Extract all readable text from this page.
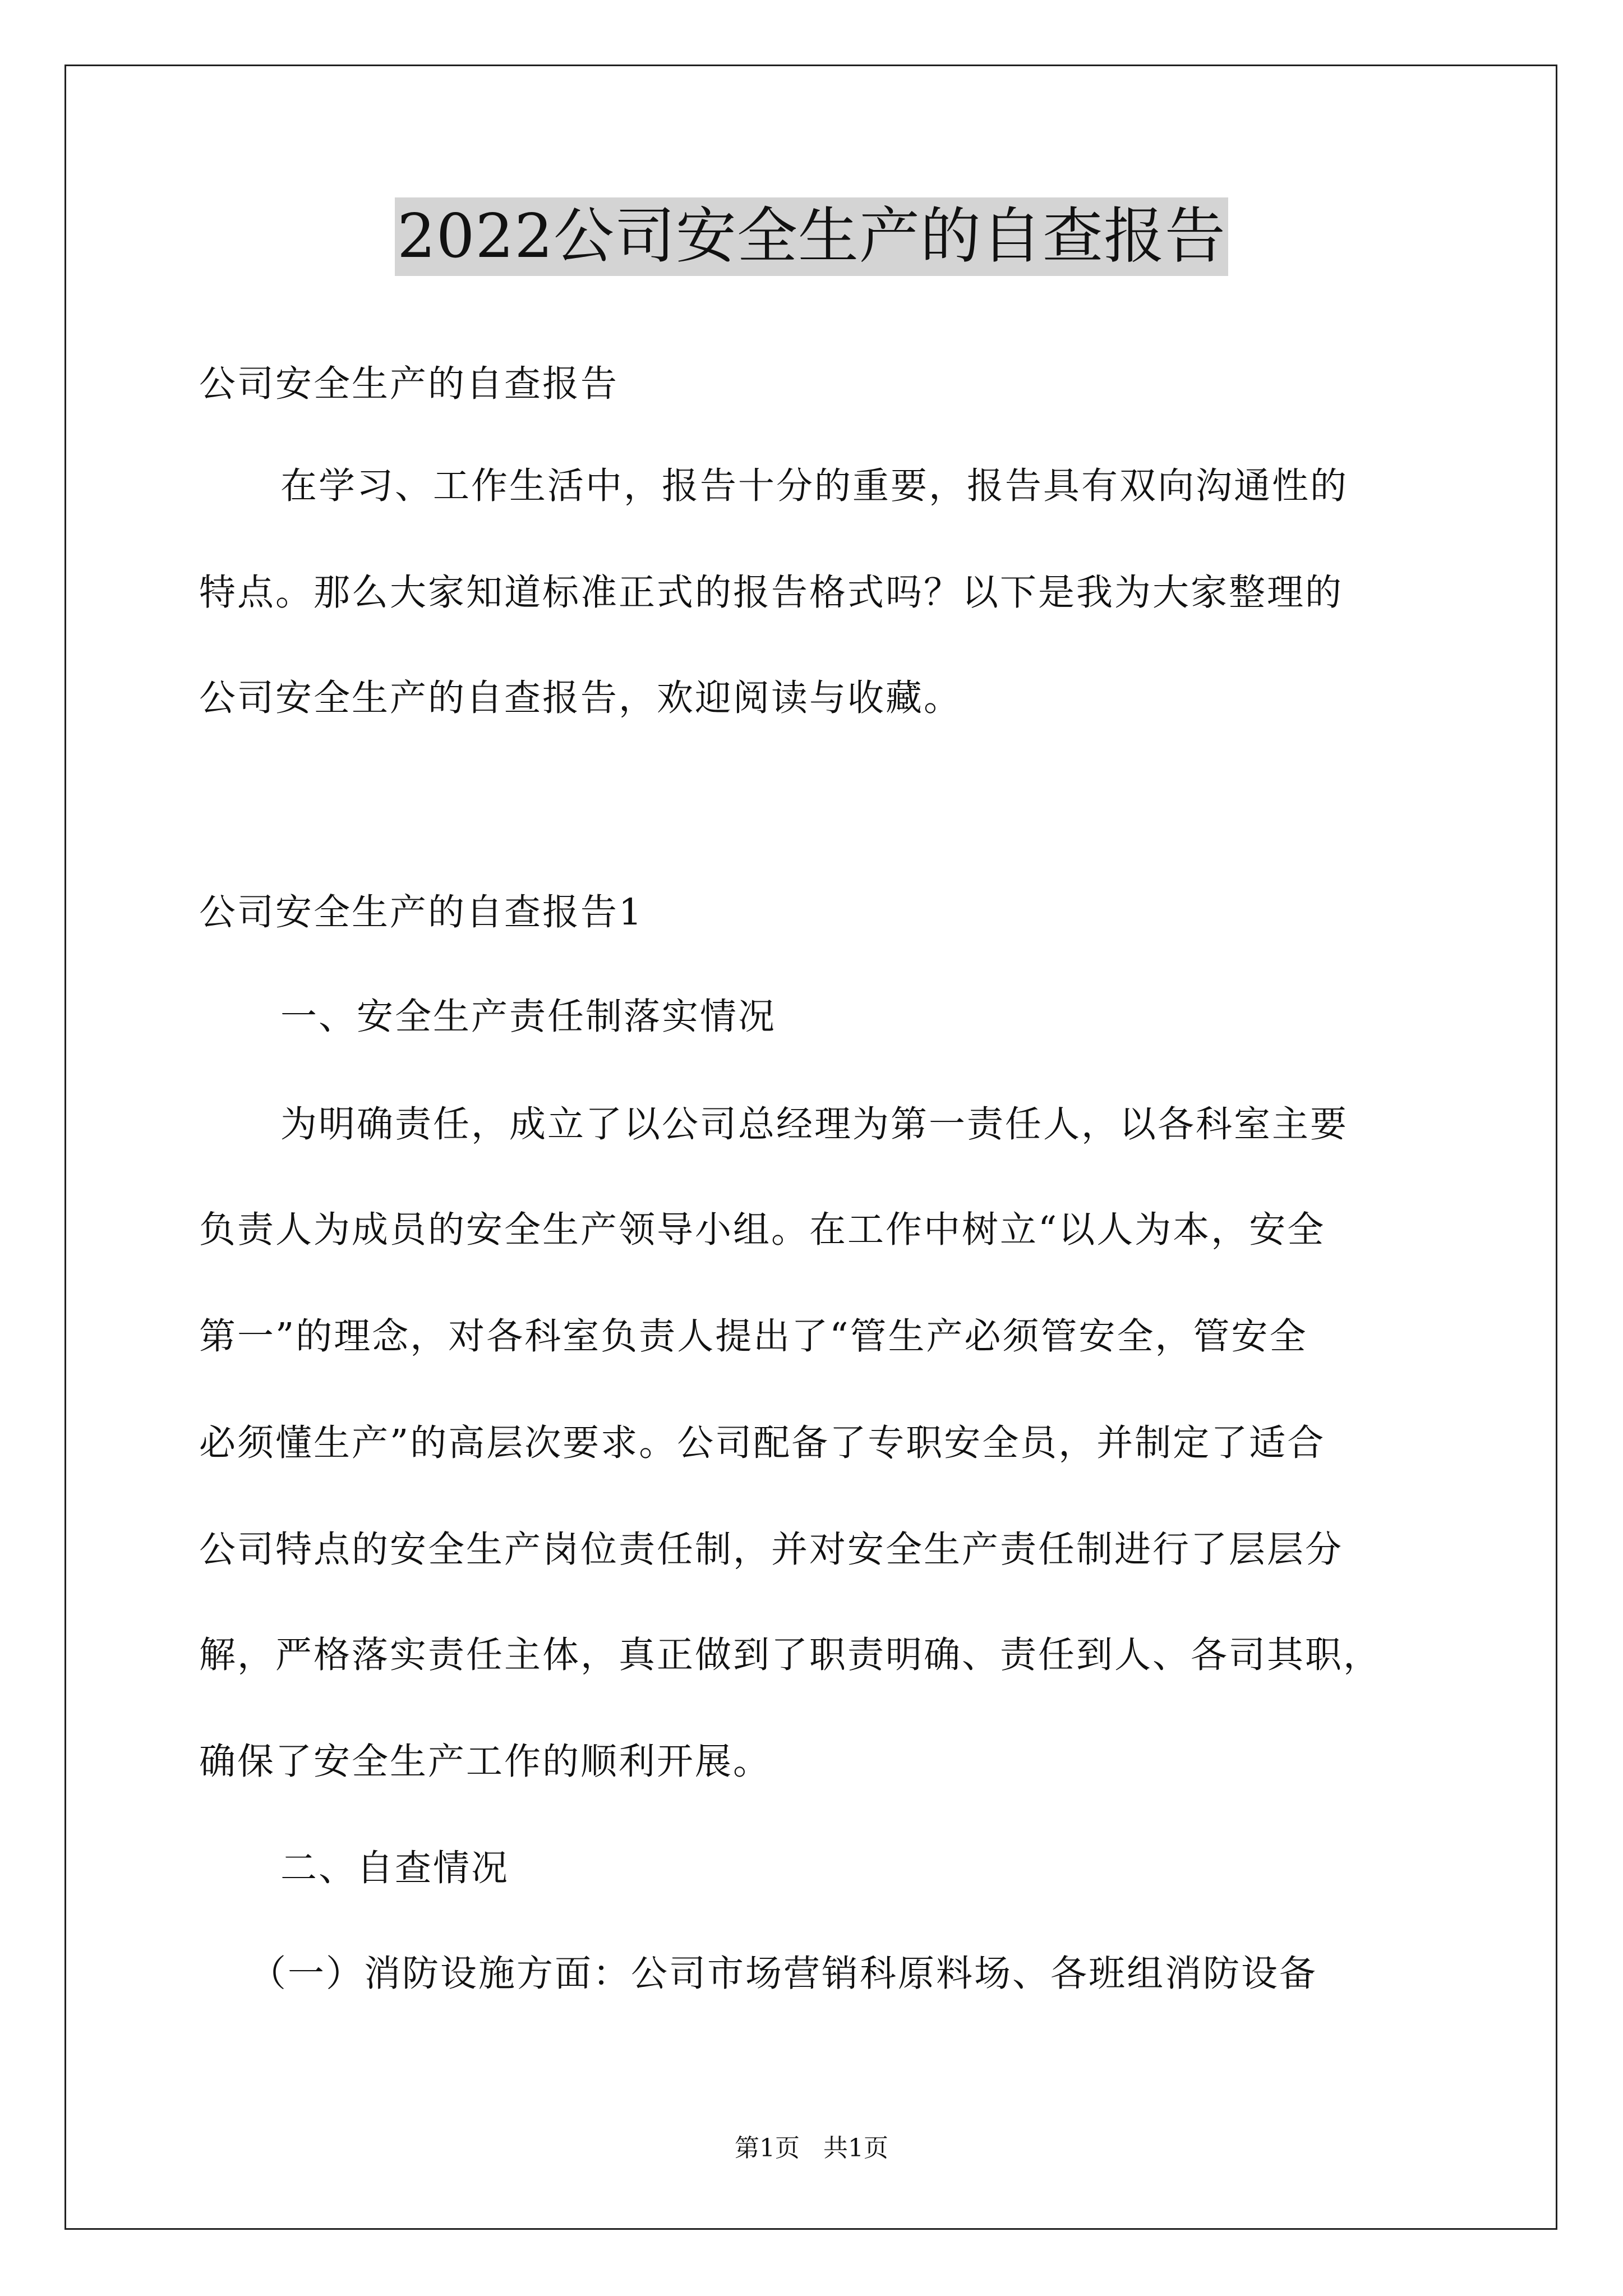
2022公司安全生产的自查报告
公司安全生产的自查报告
在学习、工作生活中，报告十分的重要，报告具有双向沟通性的
特点。那么大家知道标准正式的报告格式吗？以下是我为大家整理的
公司安全生产的自查报告，欢迎阅读与收藏。
公司安全生产的自查报告1
一、安全生产责任制落实情况
为明确责任，成立了以公司总经理为第一责任人，以各科室主要
负责人为成员的安全生产领导小组。在工作中树立“以人为本，安全
第一”的理念，对各科室负责人提出了“管生产必须管安全，管安全
必须懂生产”的高层次要求。公司配备了专职安全员，并制定了适合
公司特点的安全生产岗位责任制，并对安全生产责任制进行了层层分
解，严格落实责任主体，真正做到了职责明确、责任到人、各司其职，
确保了安全生产工作的顺利开展。
二、自查情况
（一）消防设施方面：公司市场营销科原料场、各班组消防设备
第1页 共1页
